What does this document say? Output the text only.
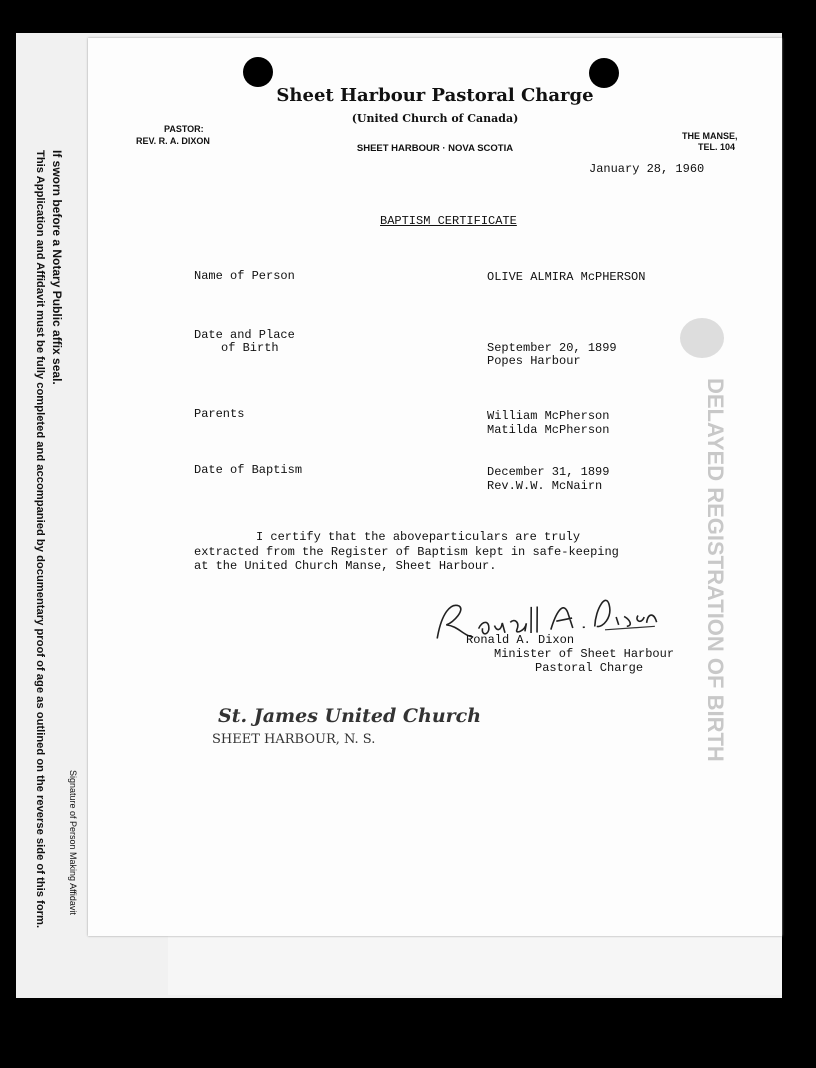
If sworn before a Notary Public affix seal.
This Application and Affidavit must be fully completed and accompanied by documentary proof of age as outlined on the reverse side of this form. Signature of Person Making Affidavit
DELAYED REGISTRATION OF BIRTH
Sheet Harbour Pastoral Charge
(United Church of Canada)
PASTOR:
REV. R. A. DIXON
SHEET HARBOUR · NOVA SCOTIA
THE MANSE,
TEL. 104
January 28, 1960
BAPTISM CERTIFICATE
Name of Person	OLIVE ALMIRA McPHERSON
Date and Place
of Birth	September 20, 1899
Popes Harbour
Parents	William McPherson
Matilda McPherson
Date of Baptism	December 31, 1899
Rev.W.W. McNairn
I certify that the aboveparticulars are truly
extracted from the Register of Baptism kept in safe-keeping
at the United Church Manse, Sheet Harbour.
Ronald A. Dixon
Minister of Sheet Harbour
Pastoral Charge
St. James United Church
SHEET HARBOUR, N. S.
